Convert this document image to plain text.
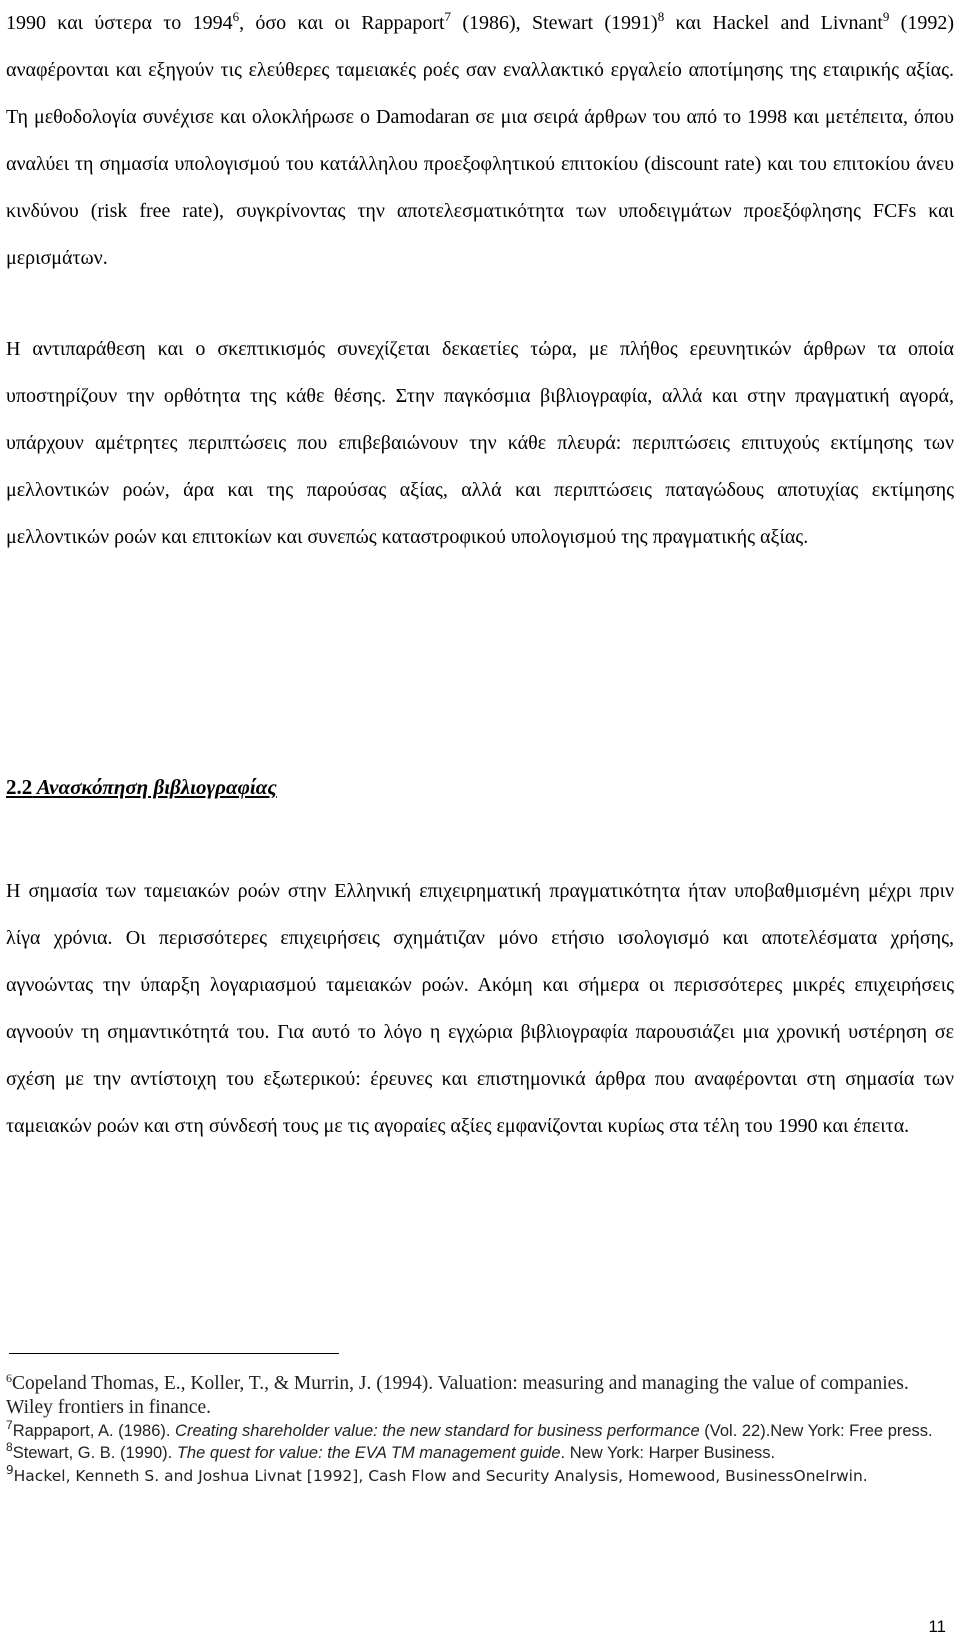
1990 και ύστερα το 1994$^6$, όσο και οι Rappaport$^7$ (1986), Stewart $(1991)^8$ και Hackel and Livnant$^9$ (1992) αναφέρονται και εξηγούν τις ελεύθερες ταμειακές ροές σαν εναλλακτικό εργαλείο αποτίμησης της εταιρικής αξίας. Τη μεθοδολογία συνέχισε και ολοκλήρωσε ο Damodaran σε μια σειρά άρθρων του από το 1998 και μετέπειτα, όπου αναλύει τη σημασία υπολογισμού του κατάλληλου προεξοφλητικού επιτοκίου (discount rate) και του επιτοκίου άνευ κινδύνου (risk free rate), συγκρίνοντας την αποτελεσματικότητα των υποδειγμάτων προεξόφλησης FCFs και μερισμάτων.

Η αντιπαράθεση και ο σκεπτικισμός συνεχίζεται δεκαετίες τώρα, με πλήθος ερευνητικών άρθρων τα οποία υποστηρίζουν την ορθότητα της κάθε θέσης. Στην παγκόσμια βιβλιογραφία, αλλά και στην πραγματική αγορά, υπάρχουν αμέτρητες περιπτώσεις που επιβεβαιώνουν την κάθε πλευρά: περιπτώσεις επιτυχούς εκτίμησης των μελλοντικών ροών, άρα και της παρούσας αξίας, αλλά και περιπτώσεις παταγώδους αποτυχίας εκτίμησης μελλοντικών ροών και επιτοκίων και συνεπώς καταστροφικού υπολογισμού της πραγματικής αξίας.

2.2 Ανασκόπηση βιβλιογραφίας

Η σημασία των ταμειακών ροών στην Ελληνική επιχειρηματική πραγματικότητα ήταν υποβαθμισμένη μέχρι πριν λίγα χρόνια. Οι περισσότερες επιχειρήσεις σχημάτιζαν μόνο ετήσιο ισολογισμό και αποτελέσματα χρήσης, αγνοώντας την ύπαρξη λογαριασμού ταμειακών ροών. Ακόμη και σήμερα οι περισσότερες μικρές επιχειρήσεις αγνοούν τη σημαντικότητά του. Για αυτό το λόγο η εγχώρια βιβλιογραφία παρουσιάζει μια χρονική υστέρηση σε σχέση με την αντίστοιχη του εξωτερικού: έρευνες και επιστημονικά άρθρα που αναφέρονται στη σημασία των ταμειακών ροών και στη σύνδεσή τους με τις αγοραίες αξίες εμφανίζονται κυρίως στα τέλη του 1990 και έπειτα.

$^6$Copeland Thomas, E., Koller, T., & Murrin, J. (1994). Valuation: measuring and managing the value of companies. Wiley frontiers in finance.

$^7$Rappaport, A. (1986). Creating shareholder value: the new standard for business performance (Vol. 22).New York: Free press.

$^8$Stewart, G. B. (1990). The quest for value: the EVA TM management guide. New York: Harper Business.

$^9$Hackel, Kenneth S. and Joshua Livnat [1992], Cash Flow and Security Analysis, Homewood, BusinessOneIrwin.

11
